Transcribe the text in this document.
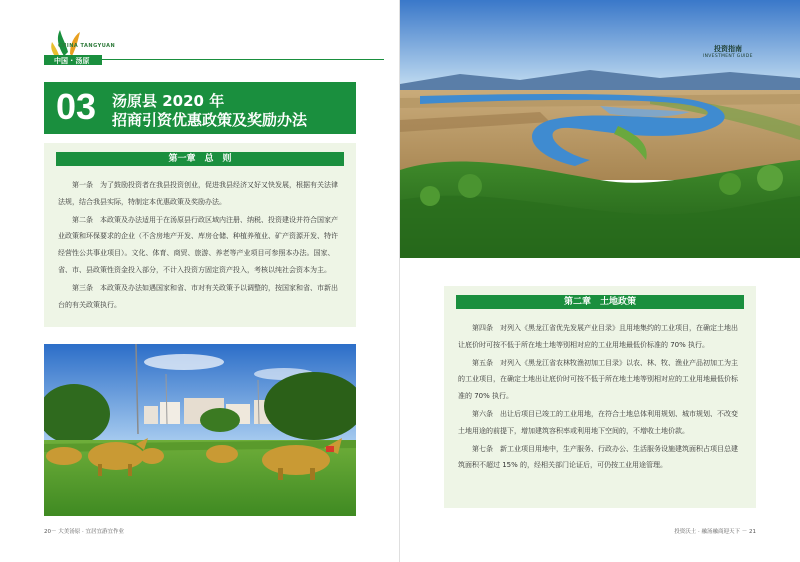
CHINA TANGYUAN
中国 · 汤原
03 汤原县 2020 年
招商引资优惠政策及奖励办法
第一章　总　则

第一条　为了鼓励投资者在我县投资创业，促进我县经济又好又快发展，根据有关法律法规，结合我县实际，特制定本优惠政策及奖励办法。

第二条　本政策及办法适用于在汤原县行政区域内注册、纳税、投资建设并符合国家产业政策和环保要求的企业（不含房地产开发、库房仓储、种植养殖业、矿产资源开发、特许经营性公共事业项目）。文化、体育、商贸、旅游、养老等产业项目可参照本办法。国家、省、市、县政策性资金投入部分，不计入投资方固定资产投入，考核以纯社会资本为主。

第三条　本政策及办法如遇国家和省、市对有关政策予以调整的，按国家和省、市新出台的有关政策执行。

20－ 大美汤原 · 宜居宜游宜作业
投资指南
INVESTMENT GUIDE
第二章　土地政策

第四条　对列入《黑龙江省优先发展产业目录》且用地集约的工业项目，在确定土地出让底价时可按不低于所在地土地等别相对应的工业用地最低价标准的 70% 执行。

第五条　对列入《黑龙江省农林牧渔初加工目录》以农、林、牧、渔业产品初加工为主的工业项目，在确定土地出让底价时可按不低于所在地土地等别相对应的工业用地最低价标准的 70% 执行。

第六条　出让后项目已竣工的工业用地，在符合土地总体利用规划、城市规划、不改变土地用途的前提下，增加建筑容积率或利用地下空间的，不增收土地价款。

第七条　新工业项目用地中，生产服务、行政办公、生活服务设施建筑面积占项目总建筑面积不超过 15% 的，经相关部门论证后，可仍按工业用途管理。

投资沃土 · 融汤融商迎天下 － 21
